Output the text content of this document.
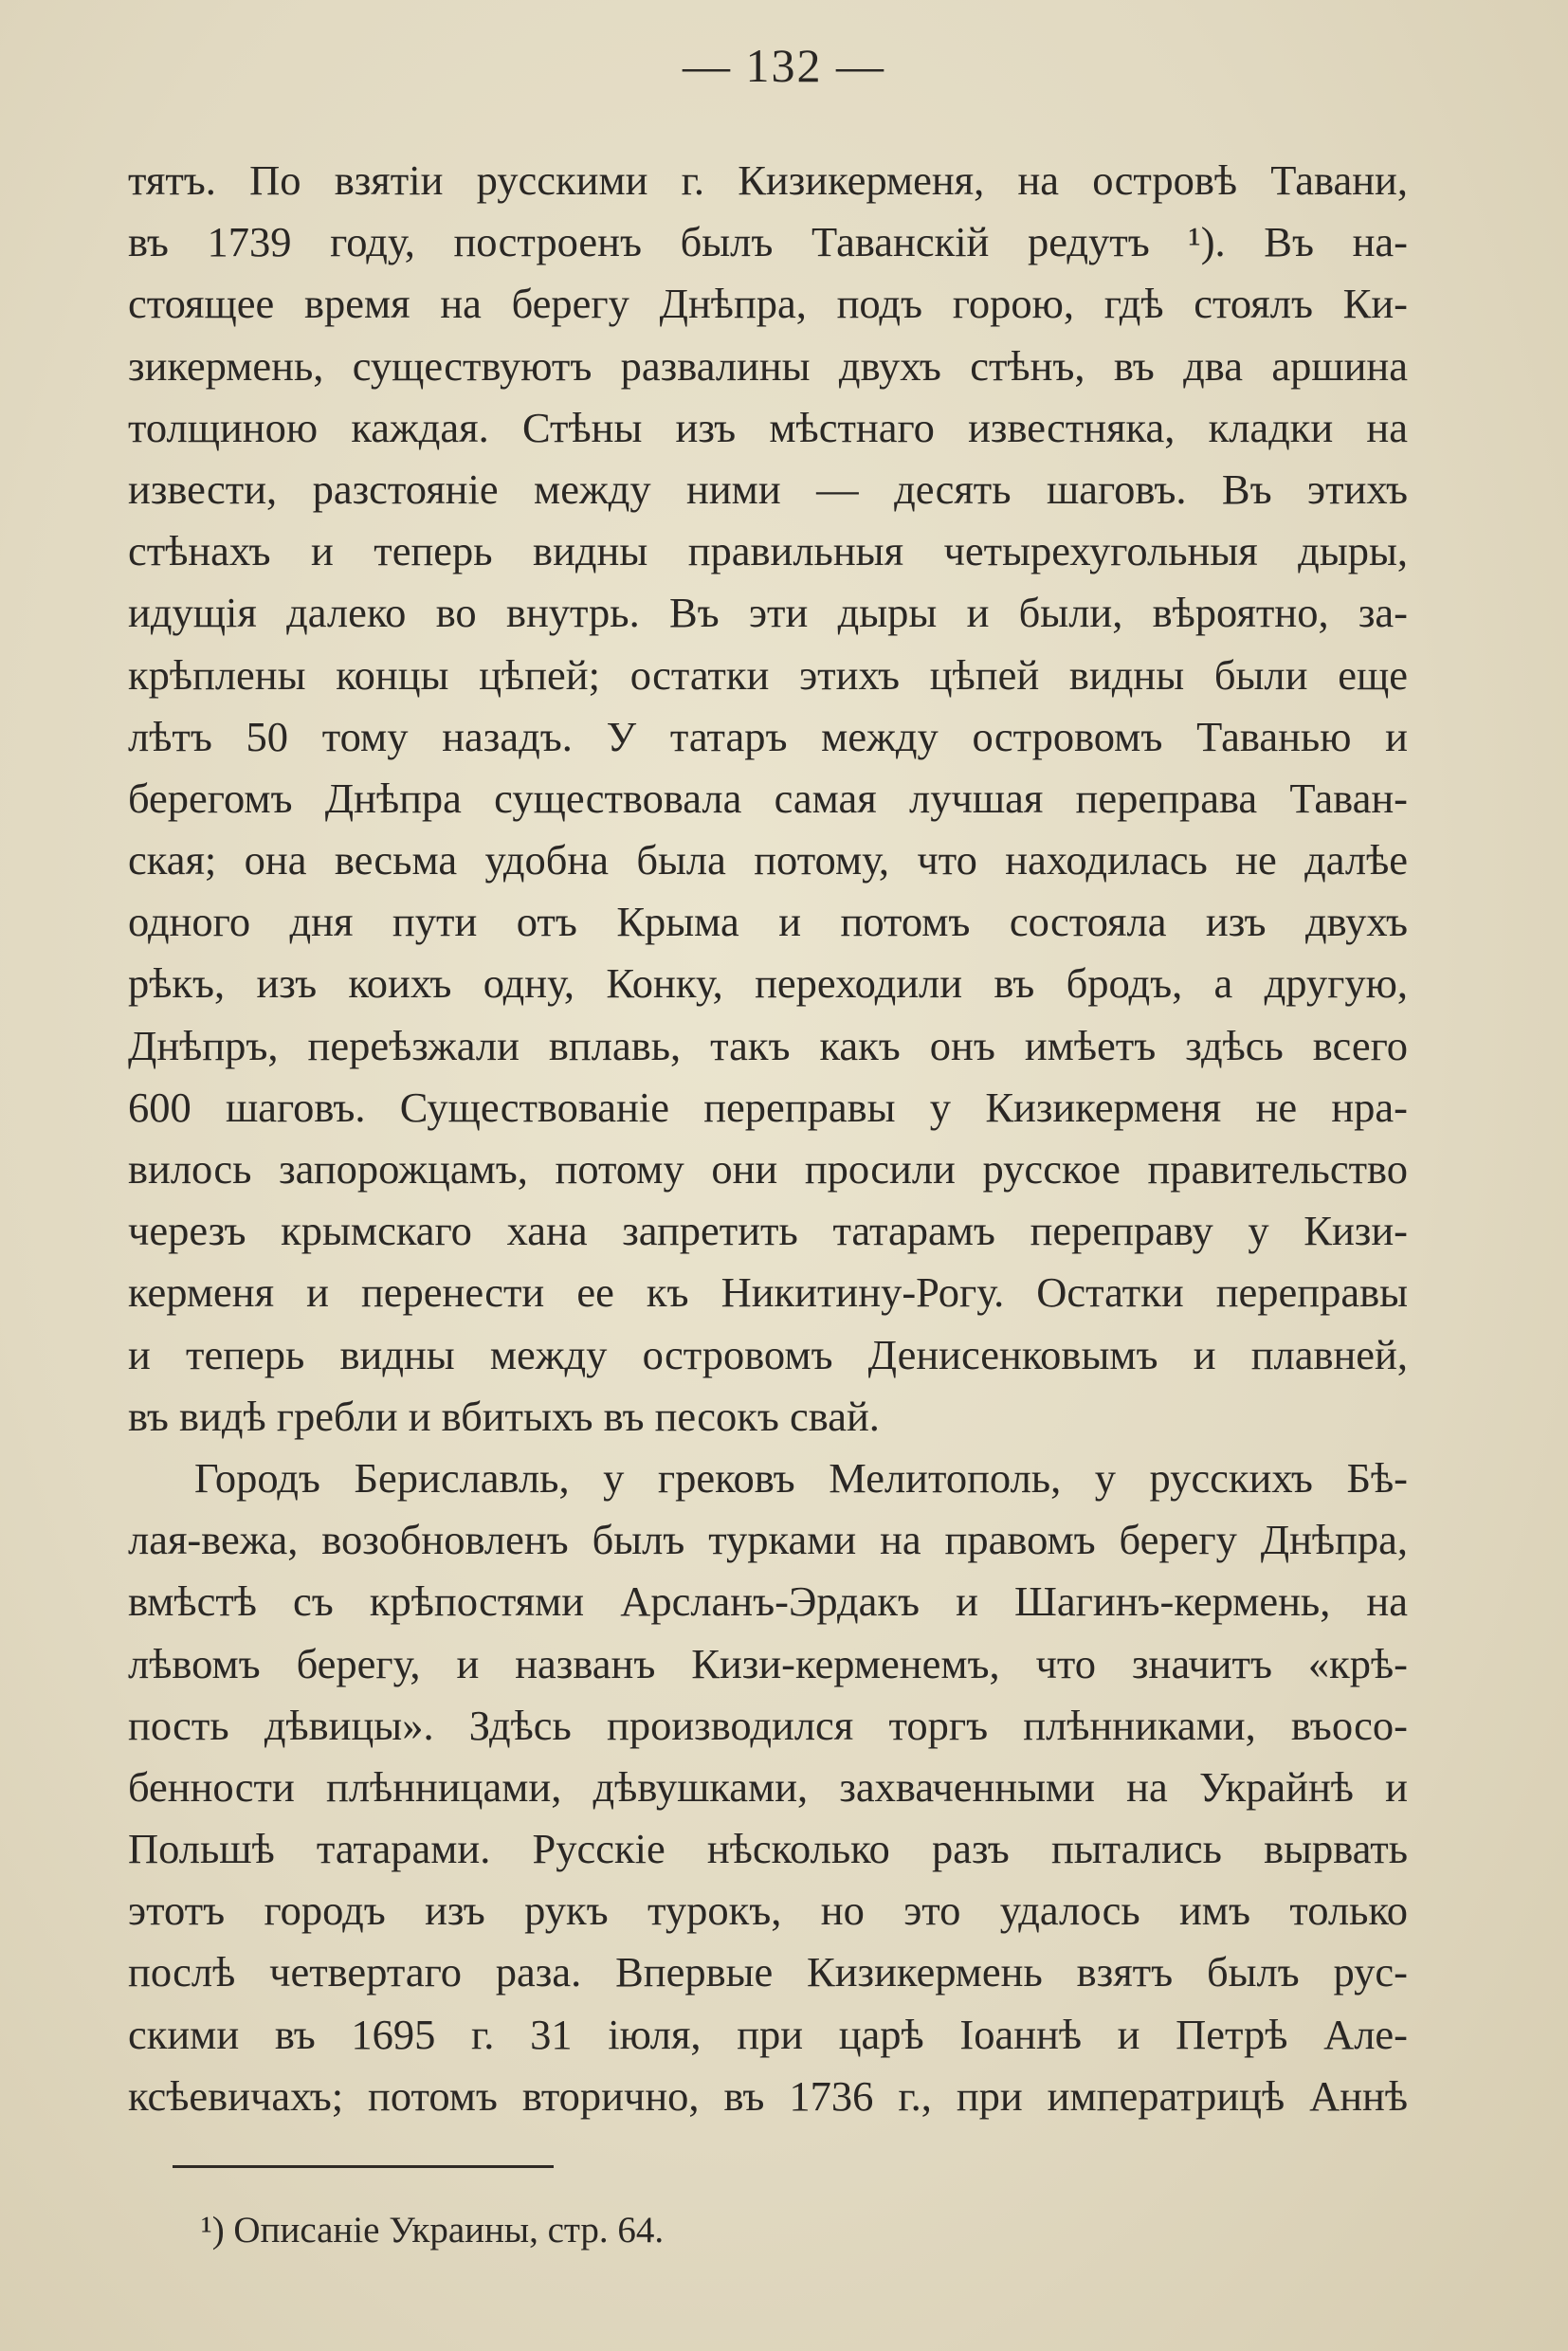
— 132 —
тятъ. По взятіи русскими г. Кизикерменя, на островѣ Тавани,
въ 1739 году, построенъ былъ Таванскій редутъ ¹). Въ на-
стоящее время на берегу Днѣпра, подъ горою, гдѣ стоялъ Ки-
зикермень, существуютъ развалины двухъ стѣнъ, въ два аршина
толщиною каждая. Стѣны изъ мѣстнаго известняка, кладки на
извести, разстояніе между ними — десять шаговъ. Въ этихъ
стѣнахъ и теперь видны правильныя четырехугольныя дыры,
идущія далеко во внутрь. Въ эти дыры и были, вѣроятно, за-
крѣплены концы цѣпей; остатки этихъ цѣпей видны были еще
лѣтъ 50 тому назадъ. У татаръ между островомъ Таванью и
берегомъ Днѣпра существовала самая лучшая переправа Таван-
ская; она весьма удобна была потому, что находилась не далѣе
одного дня пути отъ Крыма и потомъ состояла изъ двухъ
рѣкъ, изъ коихъ одну, Конку, переходили въ бродъ, а другую,
Днѣпръ, переѣзжали вплавь, такъ какъ онъ имѣетъ здѣсь всего
600 шаговъ. Существованіе переправы у Кизикерменя не нра-
вилось запорожцамъ, потому они просили русское правительство
черезъ крымскаго хана запретить татарамъ переправу у Кизи-
керменя и перенести ее къ Никитину-Рогу. Остатки переправы
и теперь видны между островомъ Денисенковымъ и плавней,
въ видѣ гребли и вбитыхъ въ песокъ свай.
Городъ Бериславль, у грековъ Мелитополь, у русскихъ Бѣ-
лая-вежа, возобновленъ былъ турками на правомъ берегу Днѣпра,
вмѣстѣ съ крѣпостями Арсланъ-Эрдакъ и Шагинъ-кермень, на
лѣвомъ берегу, и названъ Кизи-керменемъ, что значитъ «крѣ-
пость дѣвицы». Здѣсь производился торгъ плѣнниками, въосо-
бенности плѣнницами, дѣвушками, захваченными на Украйнѣ и
Польшѣ татарами. Русскіе нѣсколько разъ пытались вырвать
этотъ городъ изъ рукъ турокъ, но это удалось имъ только
послѣ четвертаго раза. Впервые Кизикермень взятъ былъ рус-
скими въ 1695 г. 31 іюля, при царѣ Іоаннѣ и Петрѣ Але-
ксѣевичахъ; потомъ вторично, въ 1736 г., при императрицѣ Аннѣ
¹) Описаніе Украины, стр. 64.
